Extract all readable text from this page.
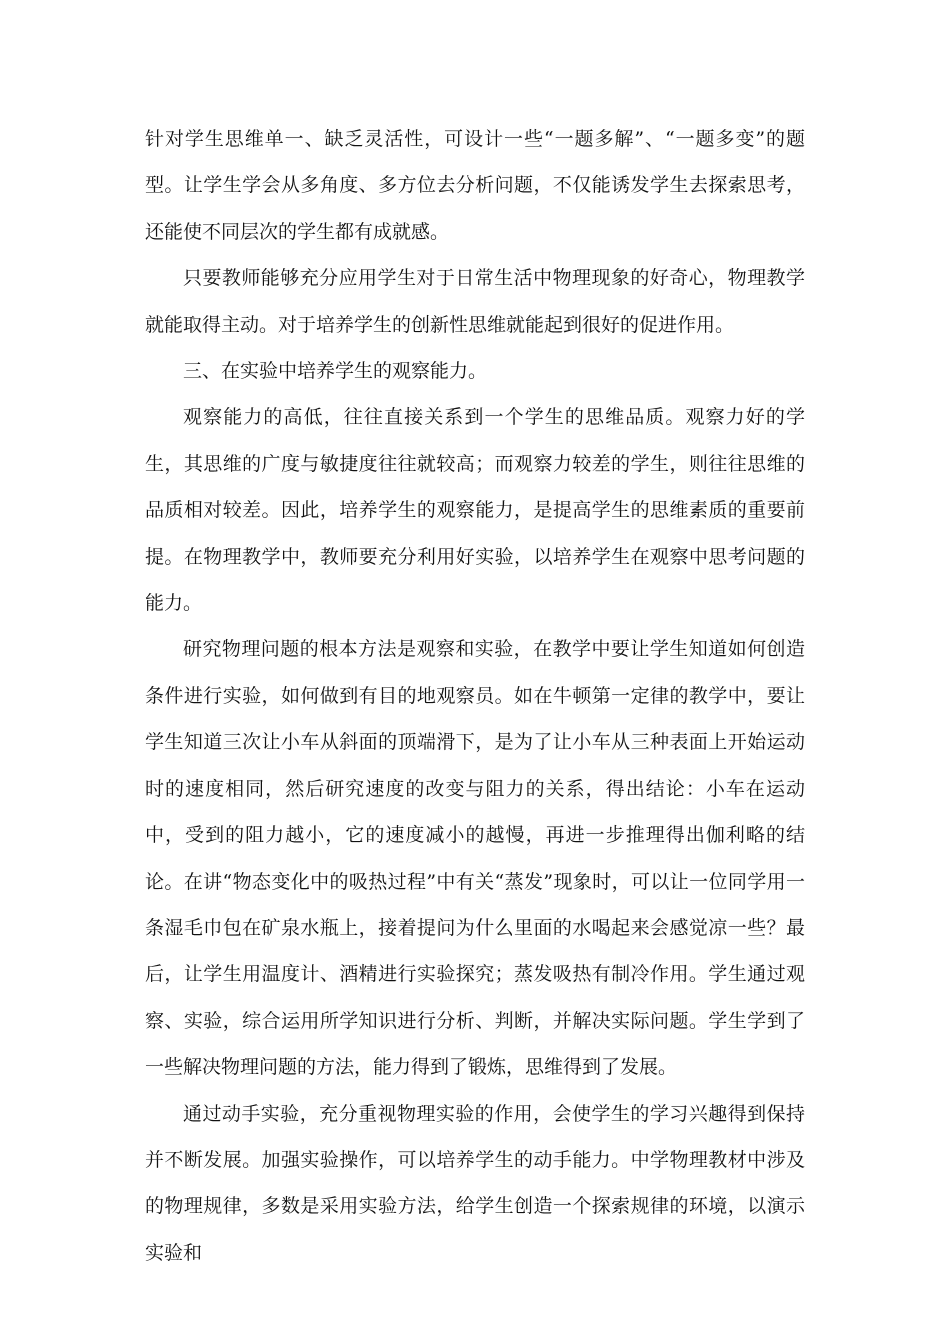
针对学生思维单一、缺乏灵活性，可设计一些“一题多解”、“一题多变”的题型。让学生学会从多角度、多方位去分析问题，不仅能诱发学生去探索思考，还能使不同层次的学生都有成就感。

只要教师能够充分应用学生对于日常生活中物理现象的好奇心，物理教学就能取得主动。对于培养学生的创新性思维就能起到很好的促进作用。

三、在实验中培养学生的观察能力。

观察能力的高低，往往直接关系到一个学生的思维品质。观察力好的学生，其思维的广度与敏捷度往往就较高；而观察力较差的学生，则往往思维的品质相对较差。因此，培养学生的观察能力，是提高学生的思维素质的重要前提。在物理教学中，教师要充分利用好实验，以培养学生在观察中思考问题的能力。

研究物理问题的根本方法是观察和实验，在教学中要让学生知道如何创造条件进行实验，如何做到有目的地观察员。如在牛顿第一定律的教学中，要让学生知道三次让小车从斜面的顶端滑下，是为了让小车从三种表面上开始运动时的速度相同，然后研究速度的改变与阻力的关系，得出结论：小车在运动中，受到的阻力越小，它的速度减小的越慢，再进一步推理得出伽利略的结论。在讲“物态变化中的吸热过程”中有关“蒸发”现象时，可以让一位同学用一条湿毛巾包在矿泉水瓶上，接着提问为什么里面的水喝起来会感觉凉一些？最后，让学生用温度计、酒精进行实验探究；蒸发吸热有制冷作用。学生通过观察、实验，综合运用所学知识进行分析、判断，并解决实际问题。学生学到了一些解决物理问题的方法，能力得到了锻炼，思维得到了发展。

通过动手实验，充分重视物理实验的作用，会使学生的学习兴趣得到保持并不断发展。加强实验操作，可以培养学生的动手能力。中学物理教材中涉及的物理规律，多数是采用实验方法，给学生创造一个探索规律的环境，以演示实验和
